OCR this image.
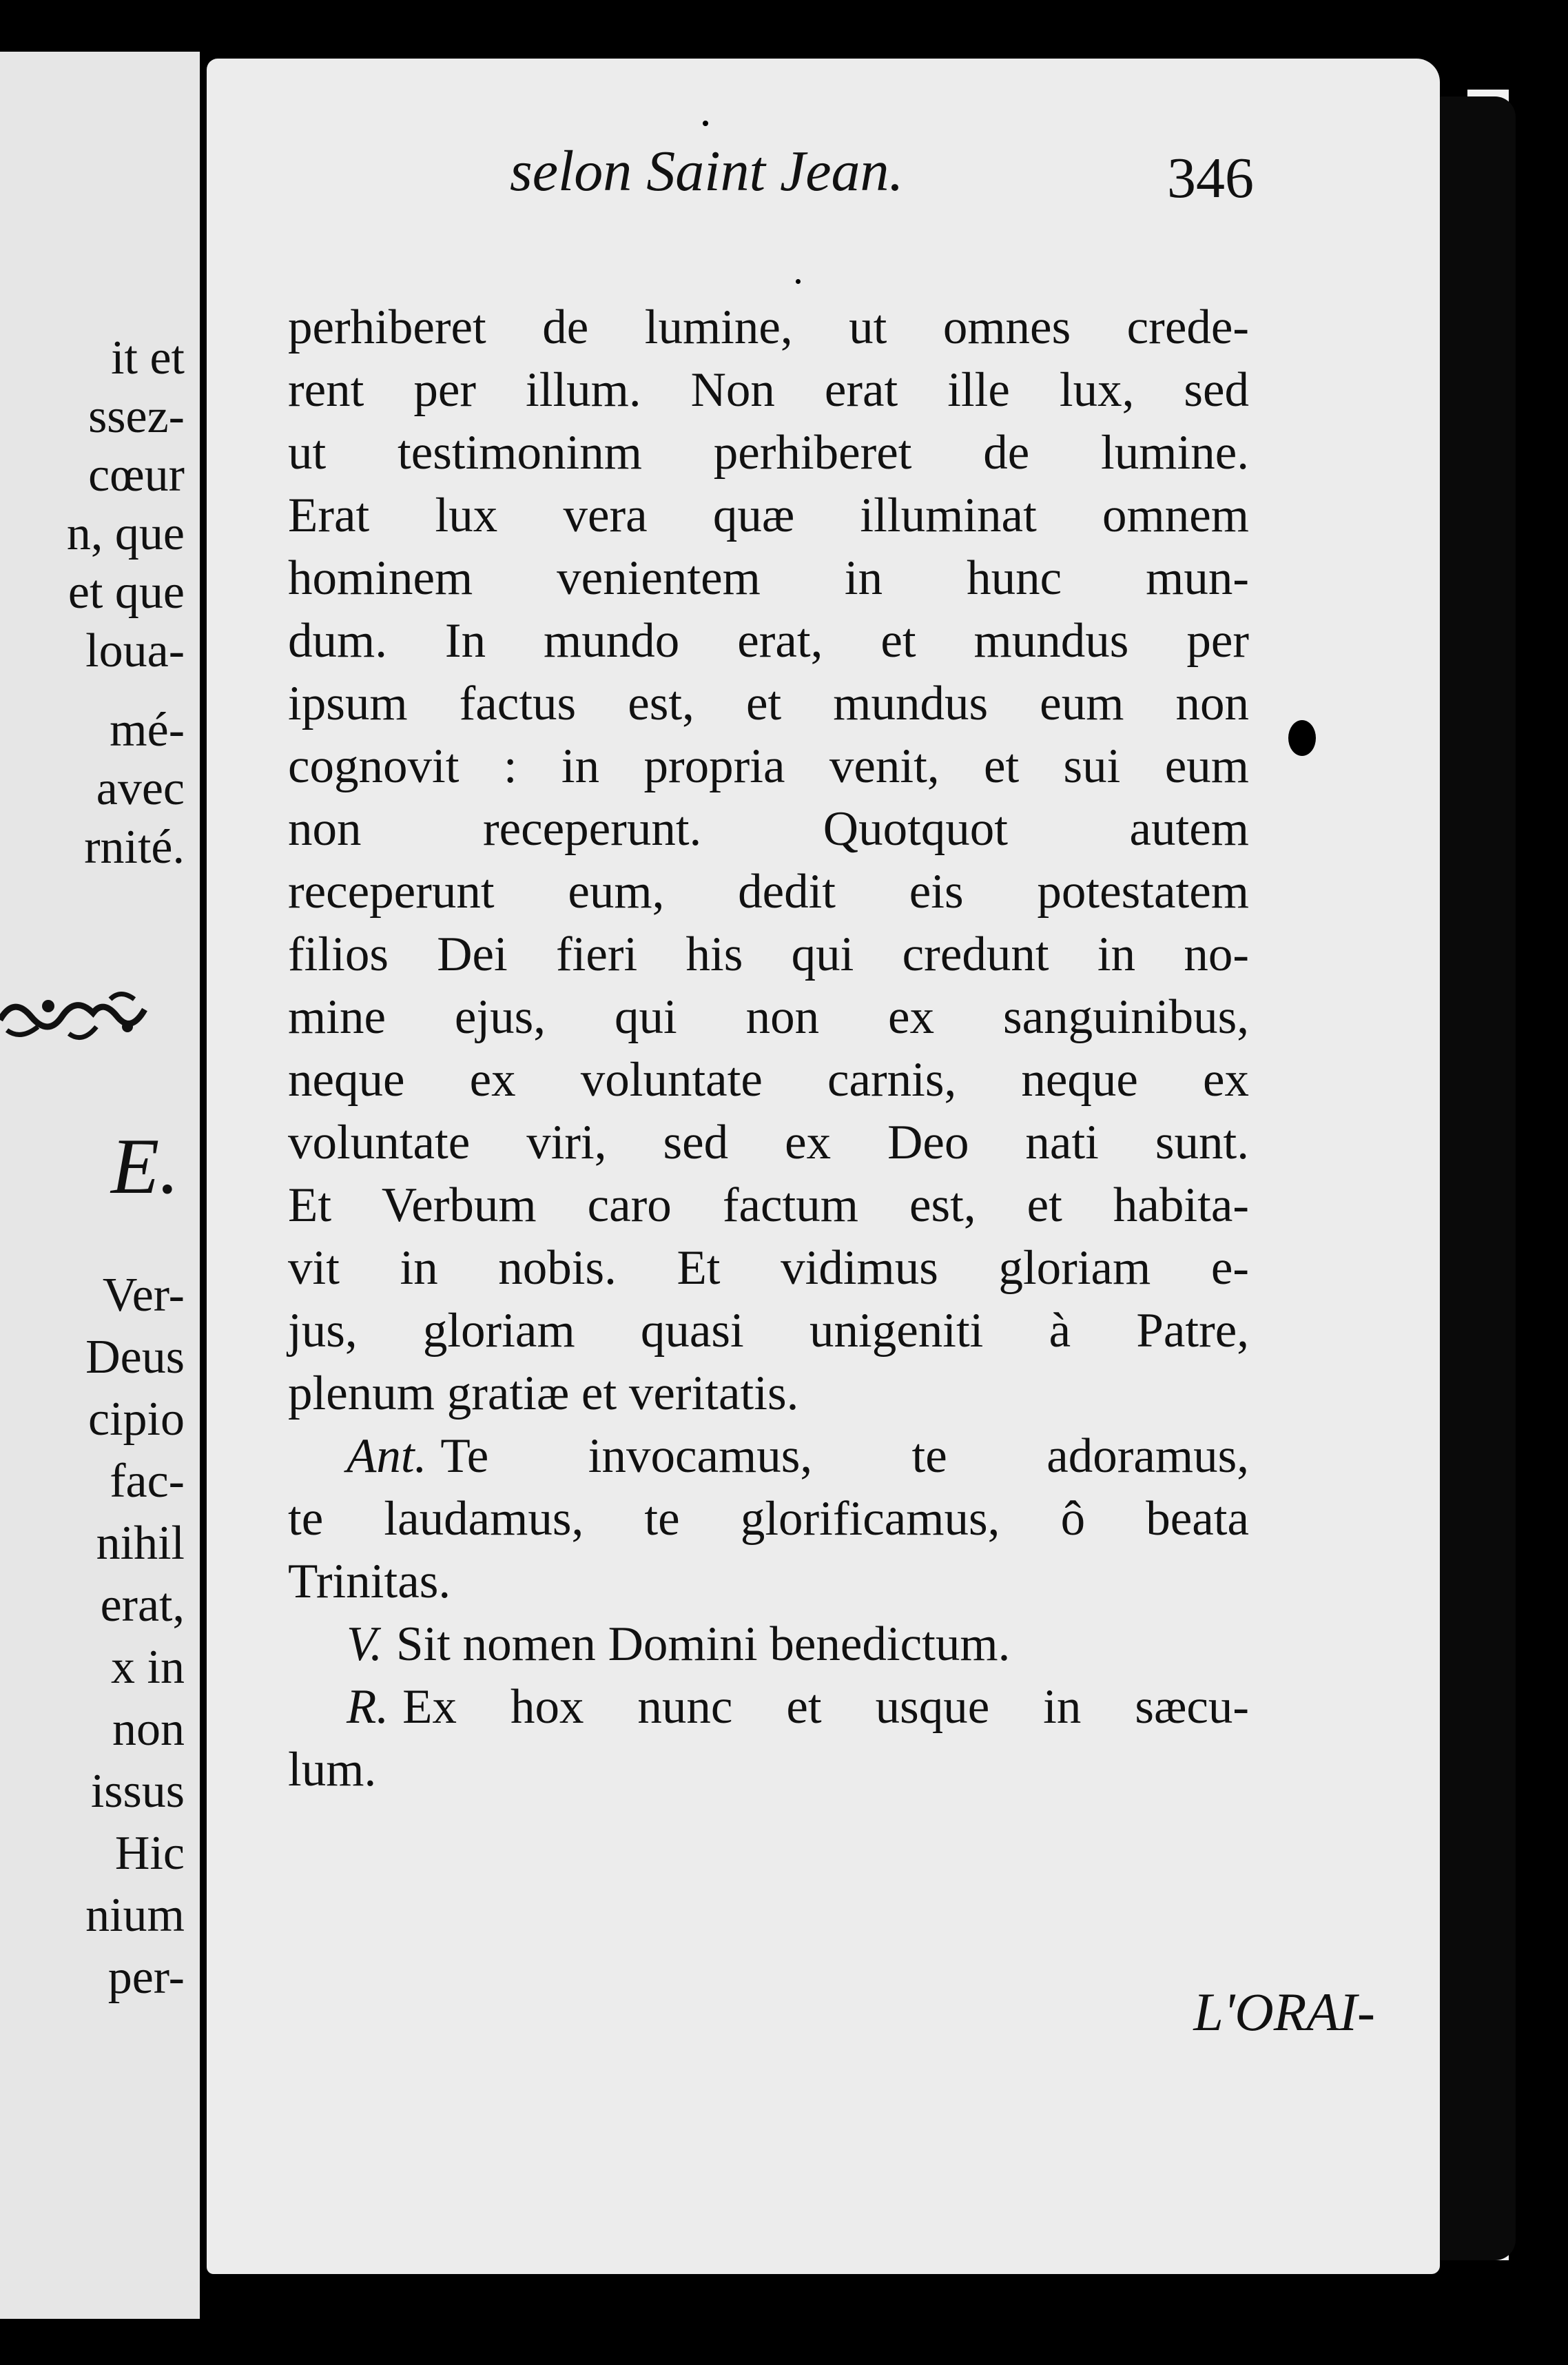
it et
ssez-
cœur
n, que
et que
loua-
mé-
avec
rnité.
E.
Ver-
Deus
cipio
fac-
nihil
erat,
x in
non
issus
Hic
nium
per-
selon Saint Jean.	346
perhiberet de lumine, ut omnes crede-
rent per illum. Non erat ille lux, sed
ut testimoninm perhiberet de lumine.
Erat lux vera quæ illuminat omnem
hominem venientem in hunc mun-
dum. In mundo erat, et mundus per
ipsum factus est, et mundus eum non
cognovit : in propria venit, et sui eum
non receperunt. Quotquot autem
receperunt eum, dedit eis potestatem
filios Dei fieri his qui credunt in no-
mine ejus, qui non ex sanguinibus,
neque ex voluntate carnis, neque ex
voluntate viri, sed ex Deo nati sunt.
Et Verbum caro factum est, et habita-
vit in nobis. Et vidimus gloriam e-
jus, gloriam quasi unigeniti à Patre,
plenum gratiæ et veritatis.
Ant. Te invocamus, te adoramus,
te laudamus, te glorificamus, ô beata
Trinitas.
V. Sit nomen Domini benedictum.
R. Ex hox nunc et usque in sæcu-
lum.
L'ORAI-
